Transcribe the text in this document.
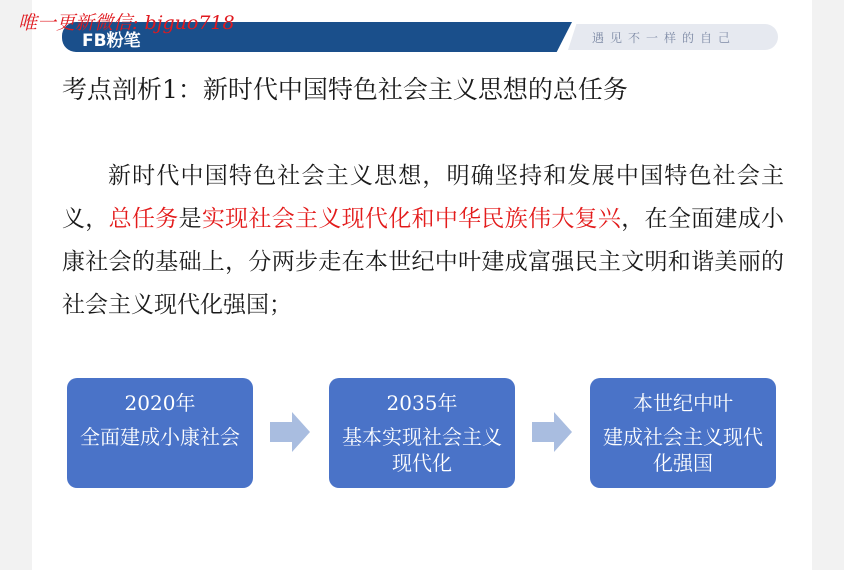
FB粉笔	遇见不一样的自己
唯一更新微信: bjguo718
考点剖析1：新时代中国特色社会主义思想的总任务
新时代中国特色社会主义思想，明确坚持和发展中国特色社会主义，总任务是实现社会主义现代化和中华民族伟大复兴，在全面建成小康社会的基础上，分两步走在本世纪中叶建成富强民主文明和谐美丽的社会主义现代化强国；
2020年
全面建成小康社会
2035年
基本实现社会主义现代化
本世纪中叶
建成社会主义现代化强国
